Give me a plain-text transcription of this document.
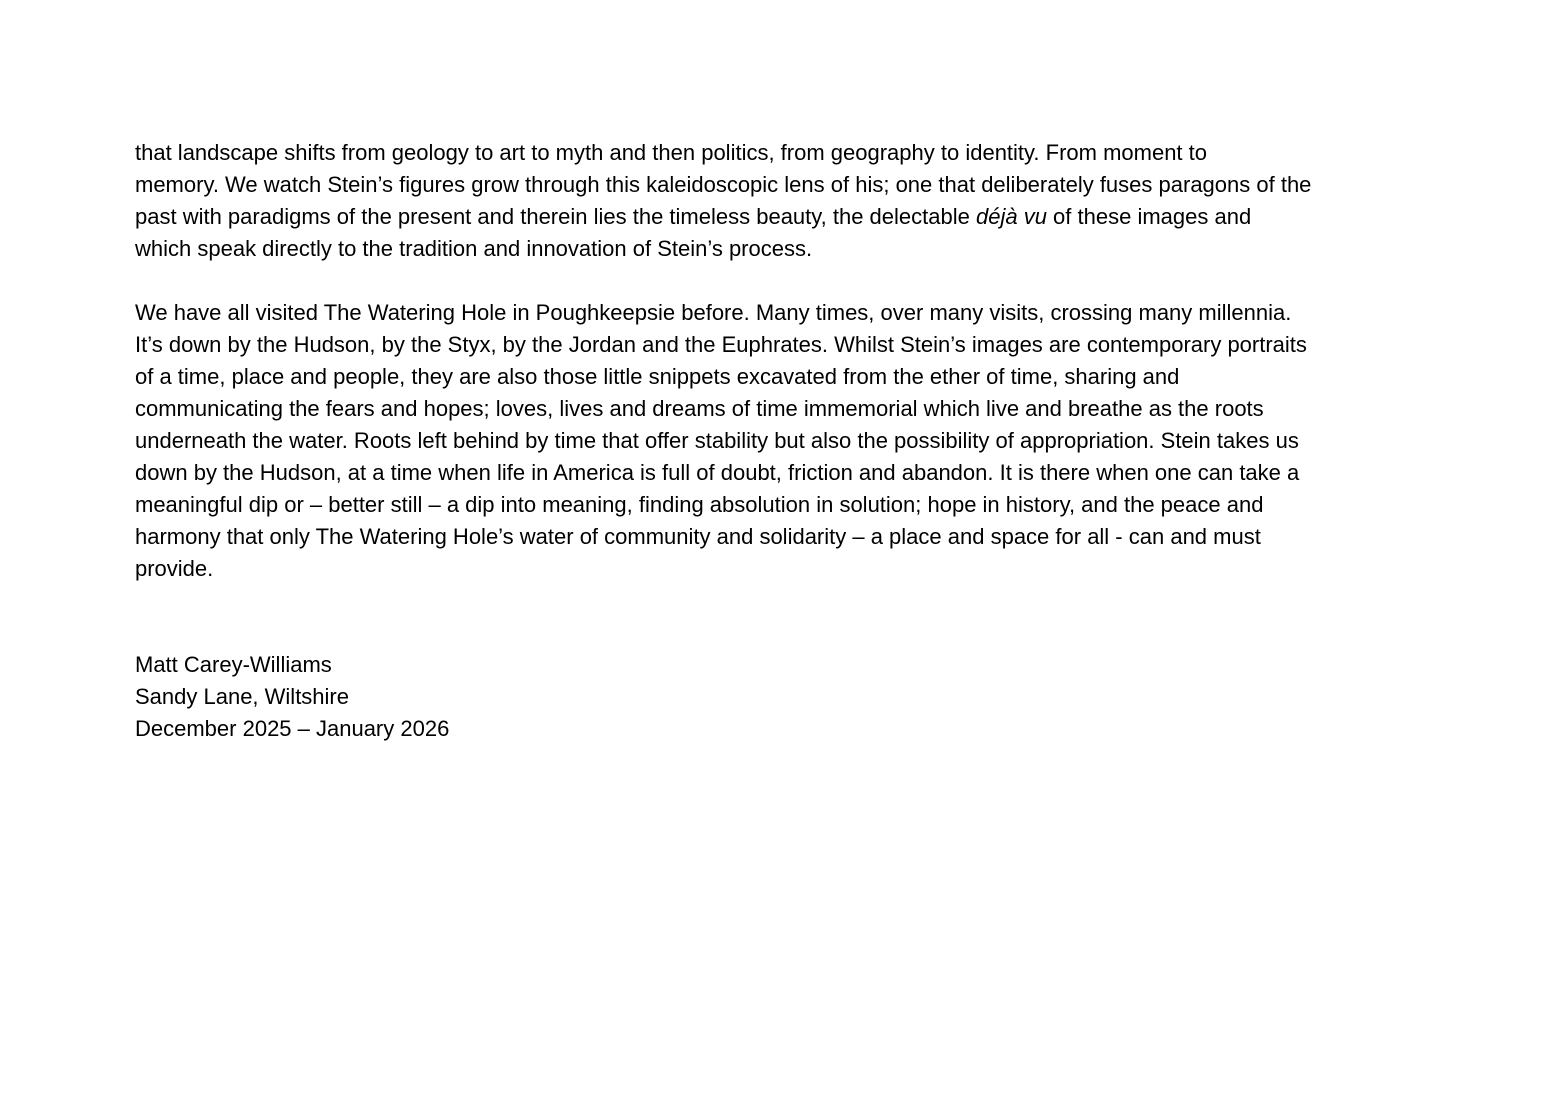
that landscape shifts from geology to art to myth and then politics, from geography to identity. From moment to
memory. We watch Stein’s figures grow through this kaleidoscopic lens of his; one that deliberately fuses paragons of the
past with paradigms of the present and therein lies the timeless beauty, the delectable déjà vu of these images and
which speak directly to the tradition and innovation of Stein’s process.
We have all visited The Watering Hole in Poughkeepsie before. Many times, over many visits, crossing many millennia.
It’s down by the Hudson, by the Styx, by the Jordan and the Euphrates. Whilst Stein’s images are contemporary portraits
of a time, place and people, they are also those little snippets excavated from the ether of time, sharing and
communicating the fears and hopes; loves, lives and dreams of time immemorial which live and breathe as the roots
underneath the water. Roots left behind by time that offer stability but also the possibility of appropriation. Stein takes us
down by the Hudson, at a time when life in America is full of doubt, friction and abandon. It is there when one can take a
meaningful dip or – better still – a dip into meaning, finding absolution in solution; hope in history, and the peace and
harmony that only The Watering Hole’s water of community and solidarity – a place and space for all - can and must
provide.
Matt Carey-Williams
Sandy Lane, Wiltshire
December 2025 – January 2026
